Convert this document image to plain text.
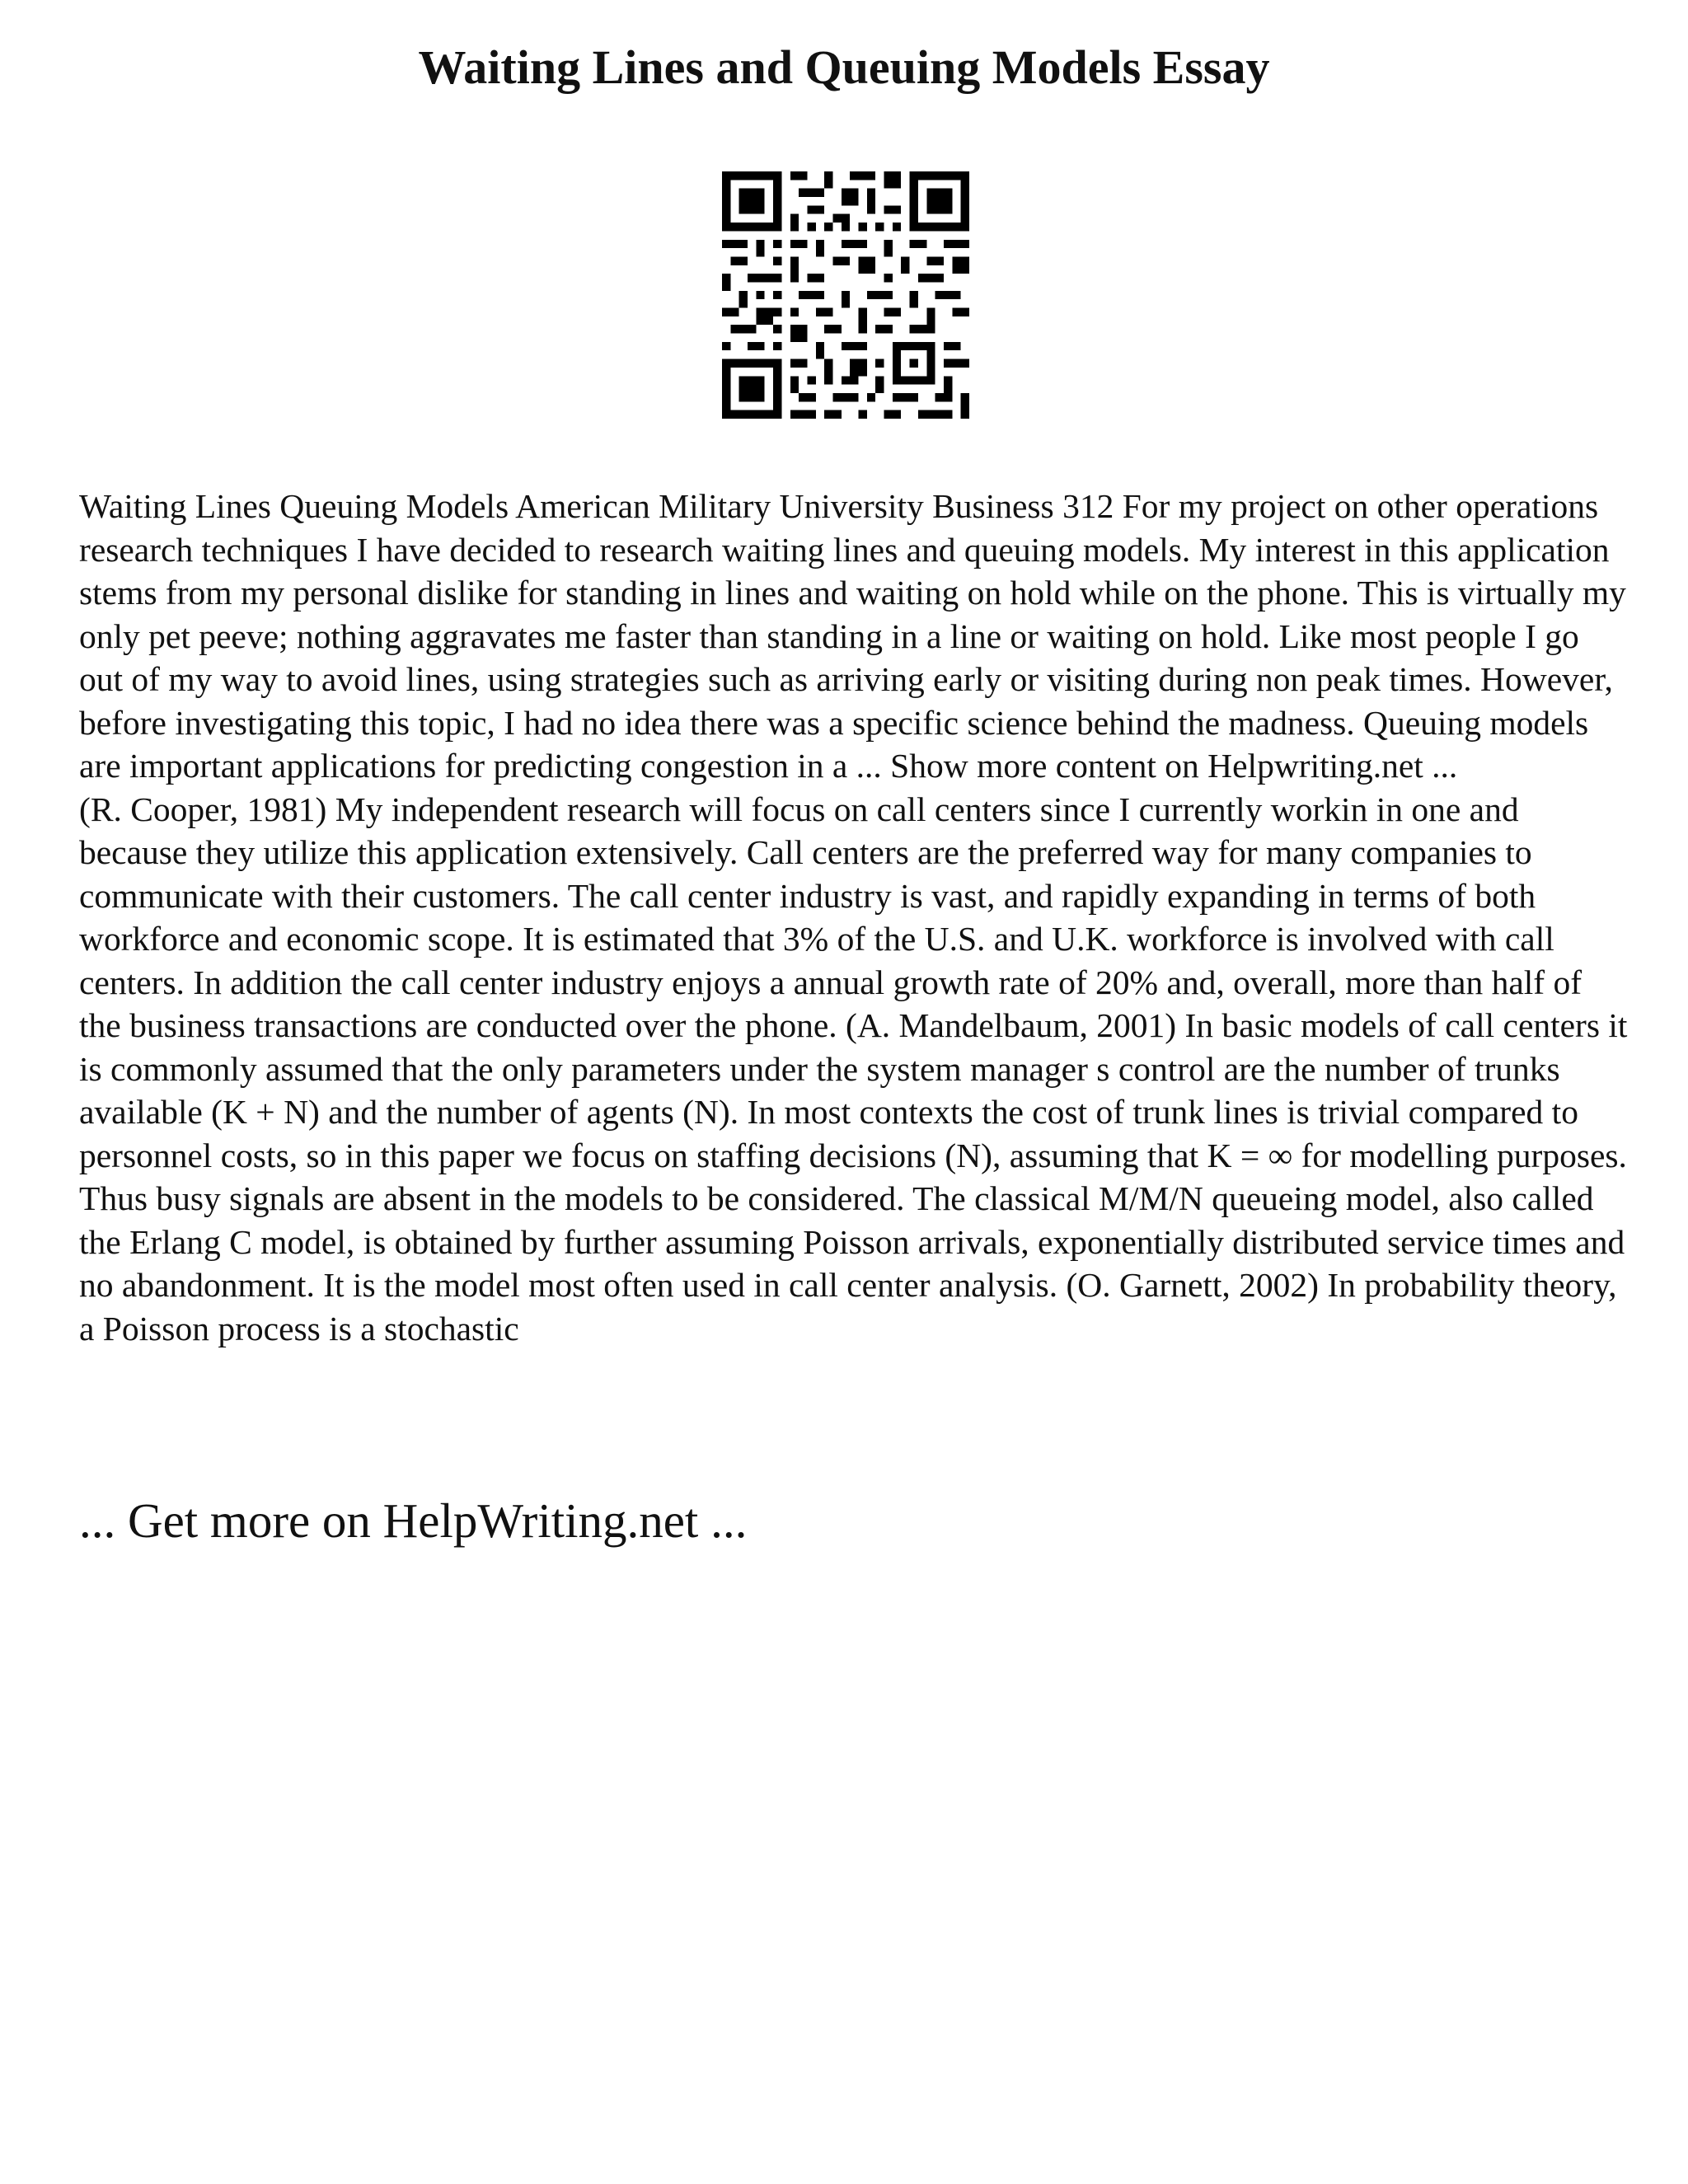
Waiting Lines and Queuing Models Essay

Waiting Lines Queuing Models American Military University Business 312 For my project on other operations research techniques I have decided to research waiting lines and queuing models. My interest in this application stems from my personal dislike for standing in lines and waiting on hold while on the phone. This is virtually my only pet peeve; nothing aggravates me faster than standing in a line or waiting on hold. Like most people I go out of my way to avoid lines, using strategies such as arriving early or visiting during non peak times. However, before investigating this topic, I had no idea there was a specific science behind the madness. Queuing models are important applications for predicting congestion in a ... Show more content on Helpwriting.net ...

(R. Cooper, 1981) My independent research will focus on call centers since I currently workin in one and because they utilize this application extensively. Call centers are the preferred way for many companies to communicate with their customers. The call center industry is vast, and rapidly expanding in terms of both workforce and economic scope. It is estimated that 3% of the U.S. and U.K. workforce is involved with call centers. In addition the call center industry enjoys a annual growth rate of 20% and, overall, more than half of the business transactions are conducted over the phone. (A. Mandelbaum, 2001) In basic models of call centers it is commonly assumed that the only parameters under the system manager s control are the number of trunks available (K + N) and the number of agents (N). In most contexts the cost of trunk lines is trivial compared to personnel costs, so in this paper we focus on staffing decisions (N), assuming that K = ∞ for modelling purposes. Thus busy signals are absent in the models to be considered. The classical M/M/N queueing model, also called the Erlang C model, is obtained by further assuming Poisson arrivals, exponentially distributed service times and no abandonment. It is the model most often used in call center analysis. (O. Garnett, 2002) In probability theory, a Poisson process is a stochastic

... Get more on HelpWriting.net ...
